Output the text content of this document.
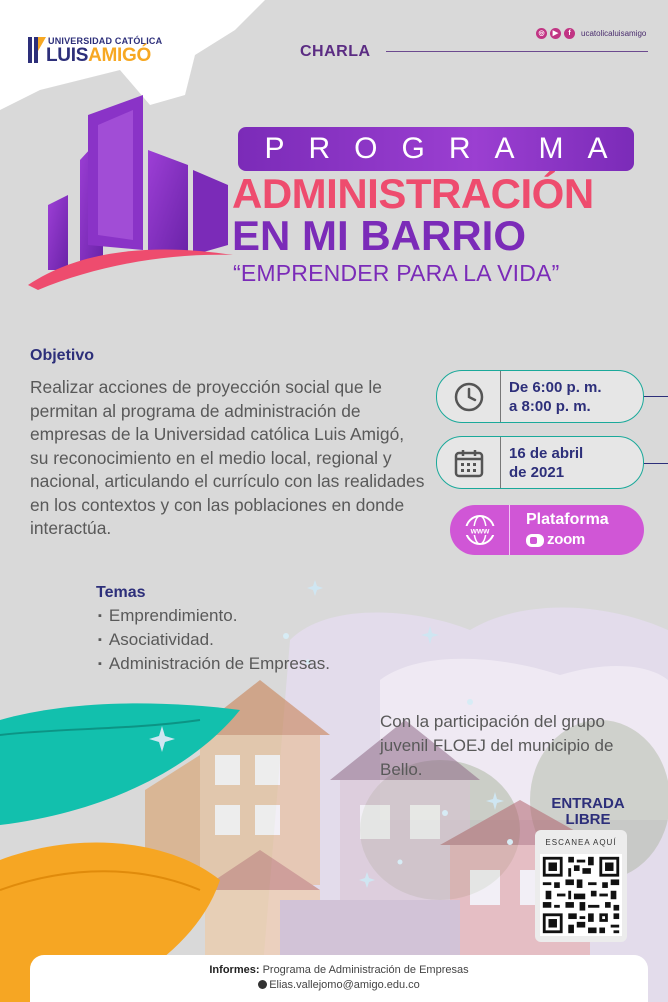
UNIVERSIDAD CATÓLICA
LUISAMIGÓ	CHARLA
◎	▶	f	ucatolicaluisamigo
PROGRAMA
ADMINISTRACIÓN
EN MI BARRIO
“EMPRENDER PARA LA VIDA”
Objetivo
Realizar acciones de proyección social que le permitan al programa de administración de empresas de la Universidad católica Luis Amigó, su reconocimiento en el medio local, regional y nacional, articulando el currículo con las realidades en los contextos y con las poblaciones en donde interactúa.
De 6:00 p. m.
a 8:00 p. m.
16 de abril
de 2021
www
Plataforma
zoom
Temas
▪ Emprendimiento.
▪ Asociatividad.
▪ Administración de Empresas.
Con la participación del grupo juvenil FLOEJ del municipio de Bello.
ENTRADA
LIBRE
ESCANEA AQUÍ
Informes: Programa de Administración de Empresas
Elias.vallejomo@amigo.edu.co
